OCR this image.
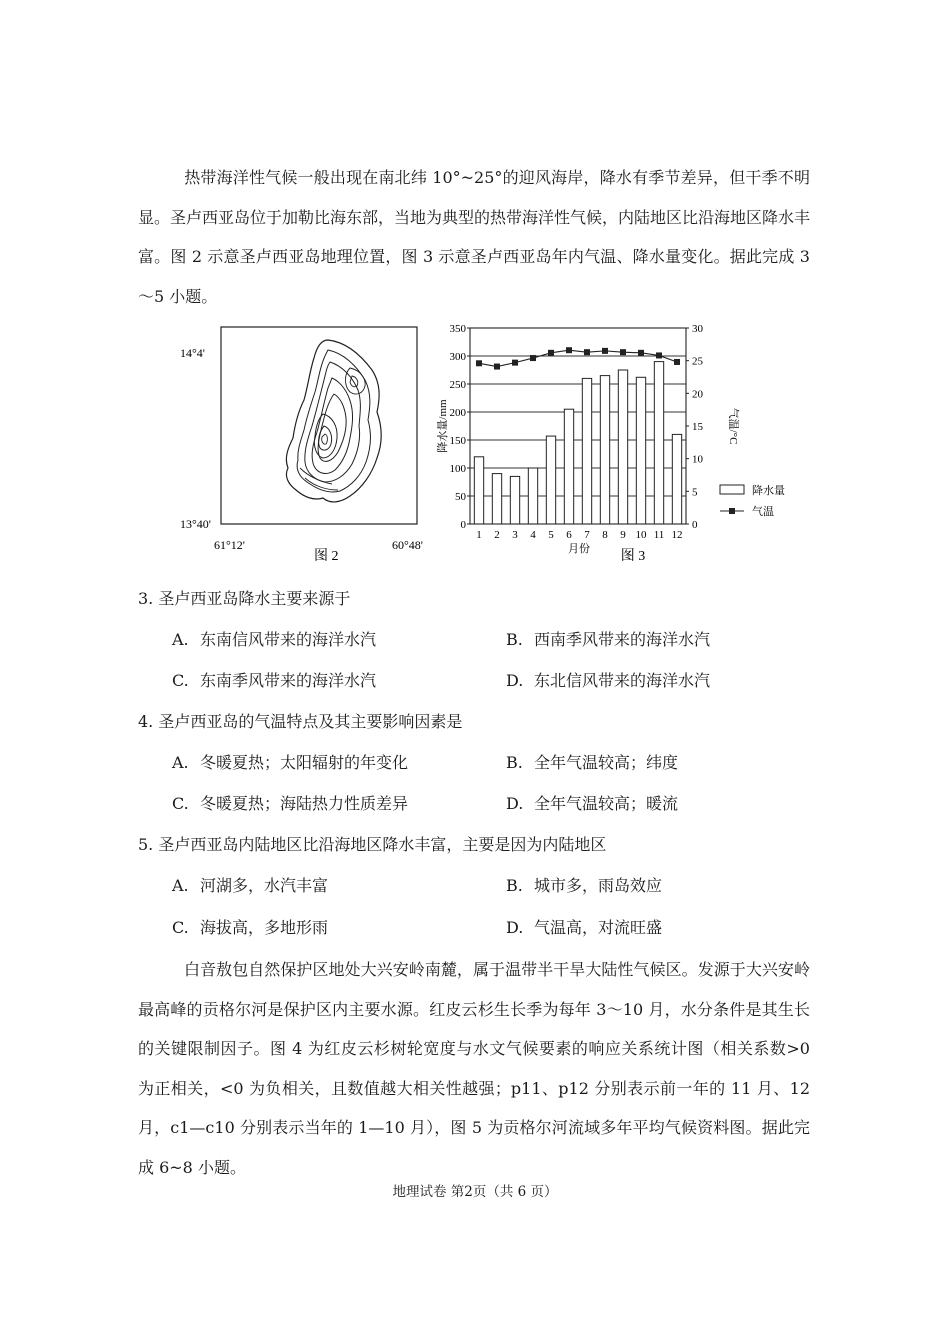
热带海洋性气候一般出现在南北纬 10°~25°的迎风海岸，降水有季节差异，但干季不明显。圣卢西亚岛位于加勒比海东部，当地为典型的热带海洋性气候，内陆地区比沿海地区降水丰富。图 2 示意圣卢西亚岛地理位置，图 3 示意圣卢西亚岛年内气温、降水量变化。据此完成 3～5 小题。

14°4'
13°40'
61°12'	60°48'
图 2
0
50
100
150
200
250
300
350
0
5
10
15
20
25
30
1 2 3 4 5 6 7 8 9 10 11 12
降水量/mm	气温/°C
月份 图 3
降水量
气温

3. 圣卢西亚岛降水主要来源于

A. 东南信风带来的海洋水汽	B. 西南季风带来的海洋水汽
C. 东南季风带来的海洋水汽	D. 东北信风带来的海洋水汽

4. 圣卢西亚岛的气温特点及其主要影响因素是

A. 冬暖夏热；太阳辐射的年变化	B. 全年气温较高；纬度
C. 冬暖夏热；海陆热力性质差异	D. 全年气温较高；暖流

5. 圣卢西亚岛内陆地区比沿海地区降水丰富，主要是因为内陆地区

A. 河湖多，水汽丰富	B. 城市多，雨岛效应
C. 海拔高，多地形雨	D. 气温高，对流旺盛

白音敖包自然保护区地处大兴安岭南麓，属于温带半干旱大陆性气候区。发源于大兴安岭最高峰的贡格尔河是保护区内主要水源。红皮云杉生长季为每年 3～10 月，水分条件是其生长的关键限制因子。图 4 为红皮云杉树轮宽度与水文气候要素的响应关系统计图（相关系数>0 为正相关，<0 为负相关，且数值越大相关性越强；p11、p12 分别表示前一年的 11 月、12 月，c1—c10 分别表示当年的 1—10 月），图 5 为贡格尔河流域多年平均气候资料图。据此完成 6~8 小题。

地理试卷 第2页（共 6 页）
